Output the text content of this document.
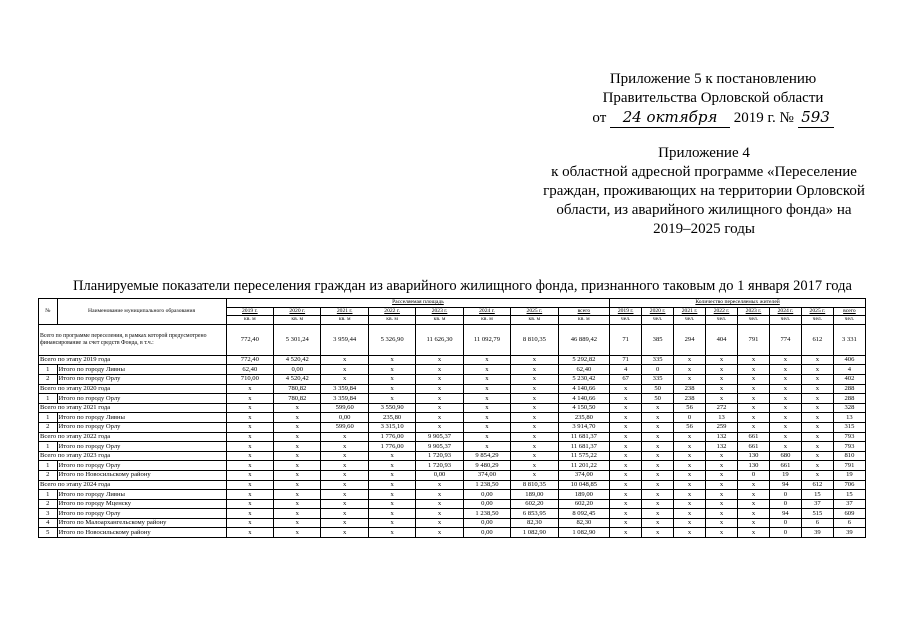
Приложение 5 к постановлению
Правительства Орловской области
от 24 октября 2019 г. № 593
Приложение 4
к областной адресной программе «Переселение
граждан, проживающих на территории Орловской
области, из аварийного жилищного фонда» на
2019–2025 годы
Планируемые показатели переселения граждан из аварийного жилищного фонда, признанного таковым до 1 января 2017 года
№	Наименование муниципального образования	Расселяемая площадь								Количество переселяемых жителей							
		2019 г.	2020 г.	2021 г.	2022 г.	2023 г.	2024 г.	2025 г.	всего	2019 г.	2020 г.	2021 г.	2022 г.	2023 г.	2024 г.	2025 г.	всего
		кв. м	кв. м	кв. м	кв. м	кв. м	кв. м	кв. м	кв. м	чел.	чел.	чел.	чел.	чел.	чел.	чел.	чел.
Всего по программе переселения, в рамках которой предусмотрено финансирование за счет средств Фонда, в т.ч.:		772,40	5 301,24	3 959,44	5 326,90	11 626,30	11 092,79	8 810,35	46 889,42	71	385	294	404	791	774	612	3 331
Всего по этапу 2019 года		772,40	4 520,42	x	x	x	x	x	5 292,82	71	335	x	x	x	x	x	406
1	Итого по городу Ливны	62,40	0,00	x	x	x	x	x	62,40	4	0	x	x	x	x	x	4
2	Итого по городу Орлу	710,00	4 520,42	x	x	x	x	x	5 230,42	67	335	x	x	x	x	x	402
Всего по этапу 2020 года		x	780,82	3 359,84	x	x	x	x	4 140,66	x	50	238	x	x	x	x	288
1	Итого по городу Орлу	x	780,82	3 359,84	x	x	x	x	4 140,66	x	50	238	x	x	x	x	288
Всего по этапу 2021 года		x	x	599,60	3 550,90	x	x	x	4 150,50	x	x	56	272	x	x	x	328
1	Итого по городу Ливны	x	x	0,00	235,80	x	x	x	235,80	x	x	0	13	x	x	x	13
2	Итого по городу Орлу	x	x	599,60	3 315,10	x	x	x	3 914,70	x	x	56	259	x	x	x	315
Всего по этапу 2022 года		x	x	x	1 776,00	9 905,37	x	x	11 681,37	x	x	x	132	661	x	x	793
1	Итого по городу Орлу	x	x	x	1 776,00	9 905,37	x	x	11 681,37	x	x	x	132	661	x	x	793
Всего по этапу 2023 года		x	x	x	x	1 720,93	9 854,29	x	11 575,22	x	x	x	x	130	680	x	810
1	Итого по городу Орлу	x	x	x	x	1 720,93	9 480,29	x	11 201,22	x	x	x	x	130	661	x	791
2	Итого по Новосильскому району	x	x	x	x	0,00	374,00	x	374,00	x	x	x	x	0	19	x	19
Всего по этапу 2024 года		x	x	x	x	x	1 238,50	8 810,35	10 048,85	x	x	x	x	x	94	612	706
1	Итого по городу Ливны	x	x	x	x	x	0,00	189,00	189,00	x	x	x	x	x	0	15	15
2	Итого по городу Мценску	x	x	x	x	x	0,00	602,20	602,20	x	x	x	x	x	0	37	37
3	Итого по городу Орлу	x	x	x	x	x	1 238,50	6 853,95	8 092,45	x	x	x	x	x	94	515	609
4	Итого по Малоархангельскому району	x	x	x	x	x	0,00	82,30	82,30	x	x	x	x	x	0	6	6
5	Итого по Новосильскому району	x	x	x	x	x	0,00	1 082,90	1 082,90	x	x	x	x	x	0	39	39
